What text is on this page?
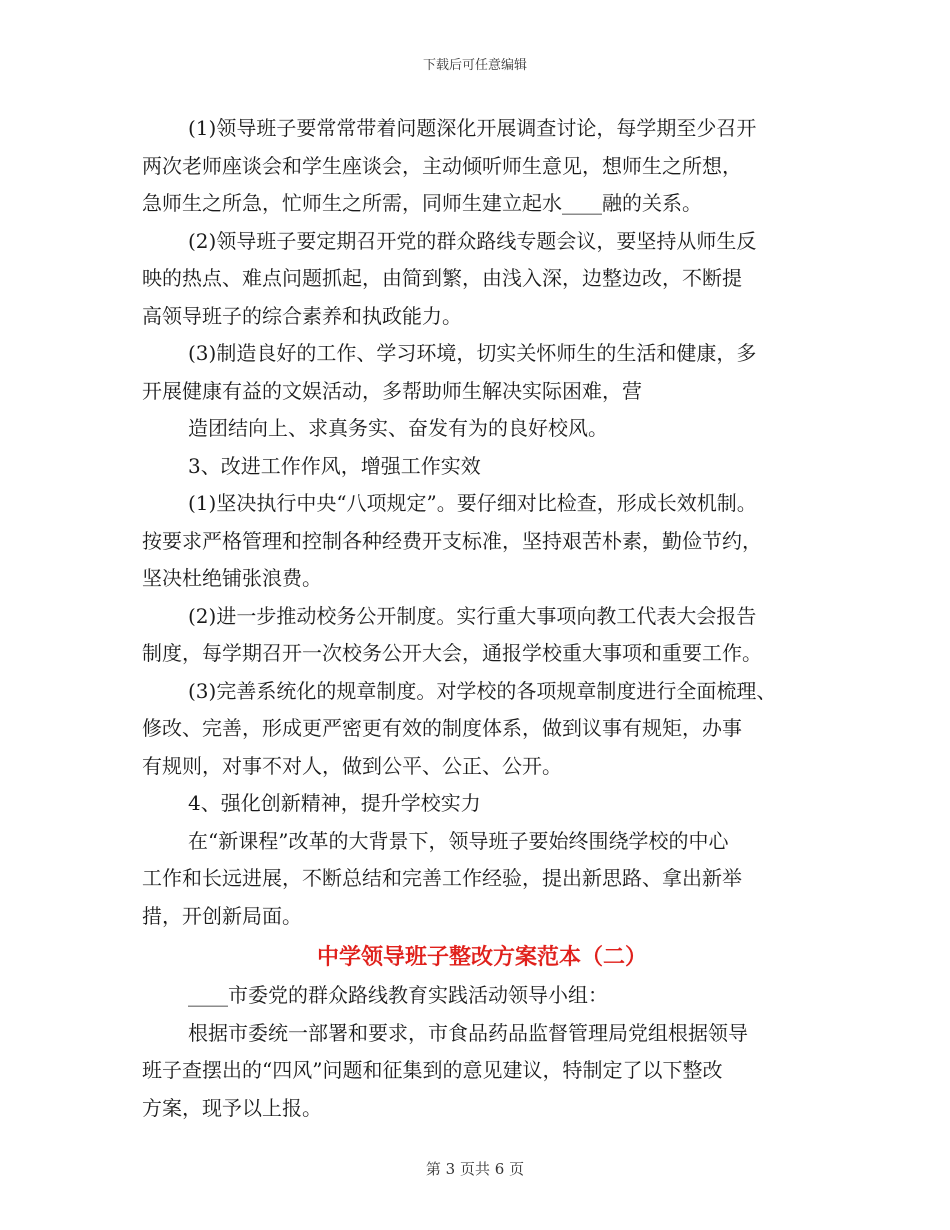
下载后可任意编辑
(1)领导班子要常常带着问题深化开展调查讨论，每学期至少召开
两次老师座谈会和学生座谈会，主动倾听师生意见，想师生之所想，
急师生之所急，忙师生之所需，同师生建立起水____融的关系。
(2)领导班子要定期召开党的群众路线专题会议，要坚持从师生反
映的热点、难点问题抓起，由简到繁，由浅入深，边整边改，不断提
高领导班子的综合素养和执政能力。
(3)制造良好的工作、学习环境，切实关怀师生的生活和健康，多
开展健康有益的文娱活动，多帮助师生解决实际困难，营
造团结向上、求真务实、奋发有为的良好校风。
3、改进工作作风，增强工作实效
(1)坚决执行中央“八项规定”。要仔细对比检查，形成长效机制。
按要求严格管理和控制各种经费开支标准，坚持艰苦朴素，勤俭节约，
坚决杜绝铺张浪费。
(2)进一步推动校务公开制度。实行重大事项向教工代表大会报告
制度，每学期召开一次校务公开大会，通报学校重大事项和重要工作。
(3)完善系统化的规章制度。对学校的各项规章制度进行全面梳理、
修改、完善，形成更严密更有效的制度体系，做到议事有规矩，办事
有规则，对事不对人，做到公平、公正、公开。
4、强化创新精神，提升学校实力
在“新课程”改革的大背景下，领导班子要始终围绕学校的中心
工作和长远进展，不断总结和完善工作经验，提出新思路、拿出新举
措，开创新局面。
中学领导班子整改方案范本（二）
____市委党的群众路线教育实践活动领导小组：
根据市委统一部署和要求，市食品药品监督管理局党组根据领导
班子查摆出的“四风”问题和征集到的意见建议，特制定了以下整改
方案，现予以上报。
第 3 页共 6 页
